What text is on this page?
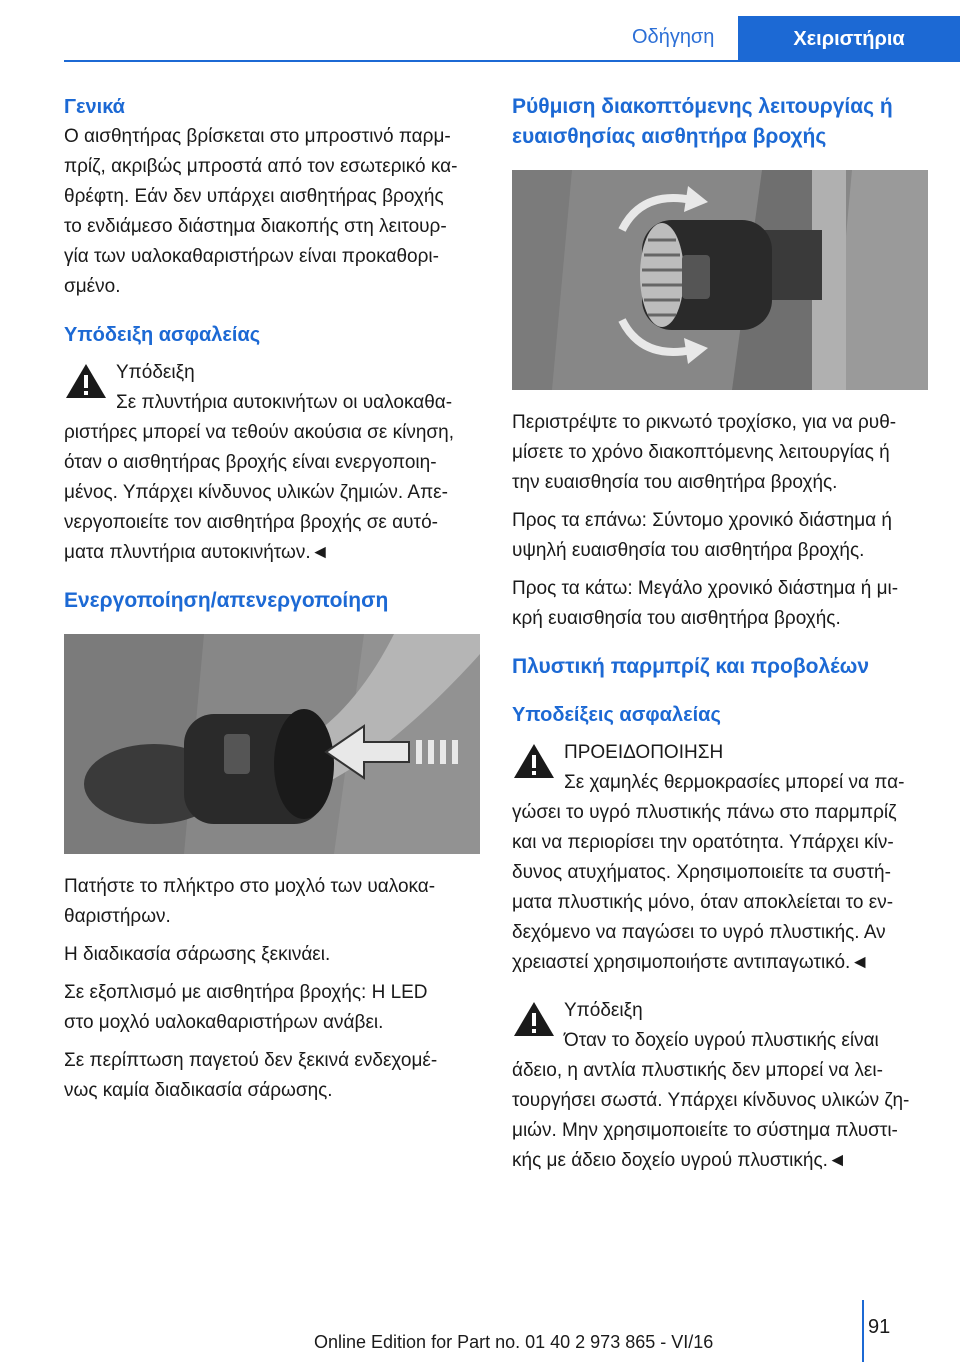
Οδήγηση	Χειριστήρια
Γενικά

Ο αισθητήρας βρίσκεται στο μπροστινό παρμ-

πρίζ, ακριβώς μπροστά από τον εσωτερικό κα-

θρέφτη. Εάν δεν υπάρχει αισθητήρας βροχής

το ενδιάμεσο διάστημα διακοπής στη λειτουρ-

γία των υαλοκαθαριστήρων είναι προκαθορι-

σμένο.

Υπόδειξη ασφαλείας

Υπόδειξη

Σε πλυντήρια αυτοκινήτων οι υαλοκαθα-

ριστήρες μπορεί να τεθούν ακούσια σε κίνηση,

όταν ο αισθητήρας βροχής είναι ενεργοποιη-

μένος. Υπάρχει κίνδυνος υλικών ζημιών. Απε-

νεργοποιείτε τον αισθητήρα βροχής σε αυτό-

ματα πλυντήρια αυτοκινήτων.◄

Ενεργοποίηση/απενεργοποίηση

Πατήστε το πλήκτρο στο μοχλό των υαλοκα-

θαριστήρων.

Η διαδικασία σάρωσης ξεκινάει.

Σε εξοπλισμό με αισθητήρα βροχής: Η LED

στο μοχλό υαλοκαθαριστήρων ανάβει.

Σε περίπτωση παγετού δεν ξεκινά ενδεχομέ-

νως καμία διαδικασία σάρωσης.

Ρύθμιση διακοπτόμενης λειτουργίας ή
ευαισθησίας αισθητήρα βροχής

Περιστρέψτε το ρικνωτό τροχίσκο, για να ρυθ-

μίσετε το χρόνο διακοπτόμενης λειτουργίας ή

την ευαισθησία του αισθητήρα βροχής.

Προς τα επάνω: Σύντομο χρονικό διάστημα ή

υψηλή ευαισθησία του αισθητήρα βροχής.

Προς τα κάτω: Μεγάλο χρονικό διάστημα ή μι-

κρή ευαισθησία του αισθητήρα βροχής.

Πλυστική παρμπρίζ και προβολέων
Υποδείξεις ασφαλείας

ΠΡΟΕΙΔΟΠΟΙΗΣΗ

Σε χαμηλές θερμοκρασίες μπορεί να πα-

γώσει το υγρό πλυστικής πάνω στο παρμπρίζ

και να περιορίσει την ορατότητα. Υπάρχει κίν-

δυνος ατυχήματος. Χρησιμοποιείτε τα συστή-

ματα πλυστικής μόνο, όταν αποκλείεται το εν-

δεχόμενο να παγώσει το υγρό πλυστικής. Αν

χρειαστεί χρησιμοποιήστε αντιπαγωτικό.◄

Υπόδειξη

Όταν το δοχείο υγρού πλυστικής είναι

άδειο, η αντλία πλυστικής δεν μπορεί να λει-

τουργήσει σωστά. Υπάρχει κίνδυνος υλικών ζη-

μιών. Μην χρησιμοποιείτε το σύστημα πλυστι-

κής με άδειο δοχείο υγρού πλυστικής.◄

91
Online Edition for Part no. 01 40 2 973 865 - VI/16
